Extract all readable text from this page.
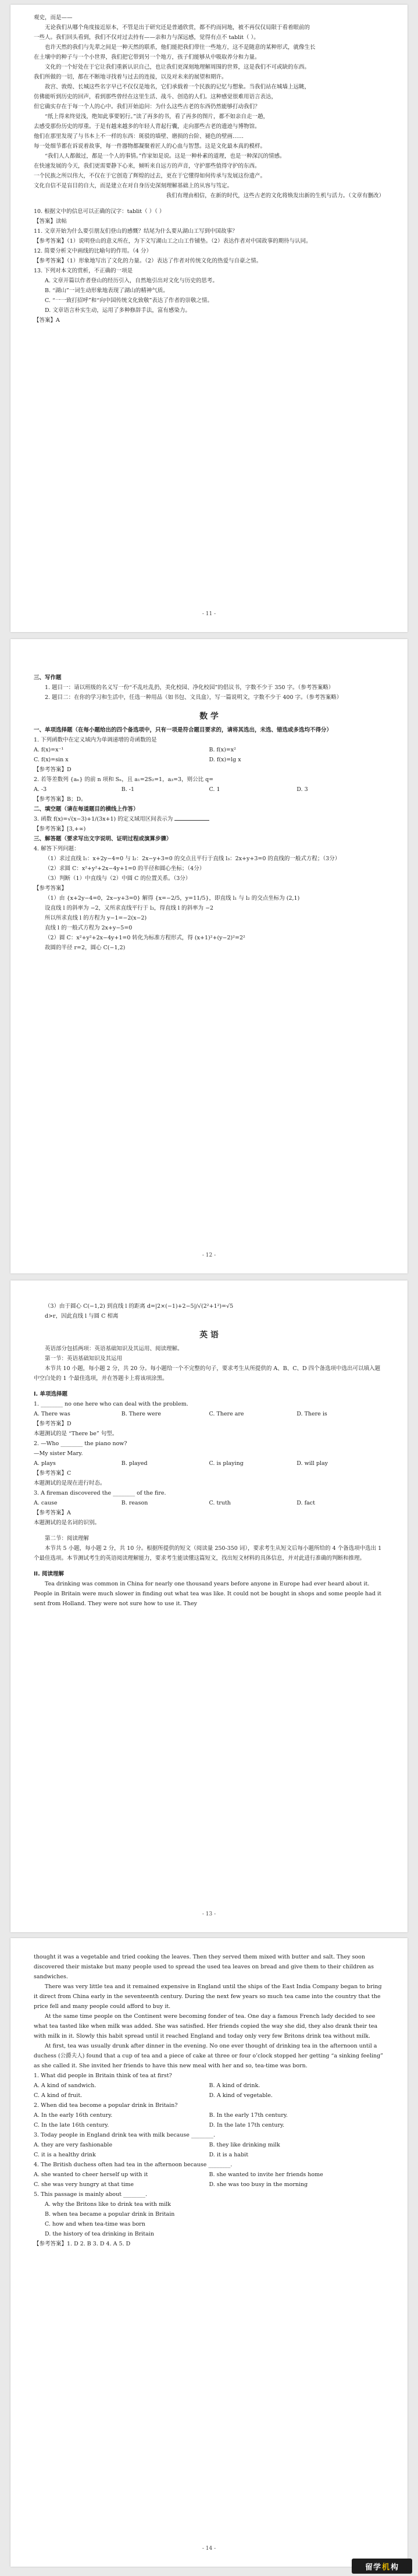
观史，而是——

无论我们从哪个角度接近原本，不管是出于研究还是普通欣赏，都不约而同地，被不再仅仅局限于看着眼前的

一些人。我们回头看到，我们不仅对过去持有——亲和力与深远感，觉得有点不 tablit（ ）。

也许天然的我们与先辈之间是一种天然的联系，他们能把我们带往一些地方，这不是随意的某种形式，就像生长

在土壤中的种子与一个小世界，我们把它带到另一个地方，孩子们能够从中吸取养分和力量。

文化的一个好处在于它让我们重新认识自己，也让我们更深刻地理解周围的世界，这是我们不可或缺的东西。

我们所做的一切，都在不断地寻找着与过去的连接，以及对未来的展望和期许。

故宫、敦煌、长城这些名字早已不仅仅是地名，它们承载着一个民族的记忆与想象。当我们站在城墙上远眺，

仿佛能听到历史的回声，看到那些曾经在这里生活、战斗、创造的人们。这种感觉很难用语言表达，

但它确实存在于每一个人的心中。我们开始追问：为什么这些古老的东西仍然能够打动我们？

“纸上得来终觉浅，绝知此事要躬行。”读了再多的书，看了再多的图片，都不如亲自走一趟，

去感受那份历史的厚重。于是有越来越多的年轻人背起行囊，走向那些古老的遗迹与博物馆。

他们在那里发现了与书本上不一样的东西：斑驳的墙壁、磨损的台阶、褪色的壁画……

每一处细节都在诉说着故事，每一件器物都凝聚着匠人的心血与智慧。这是文化最本真的模样。

“我们人人都做过，都是一个人的事情。”作家如是说。这是一种朴素的道理，也是一种深沉的情感。

在快速发展的今天，我们更需要静下心来，倾听来自远方的声音，守护那些值得守护的东西。

一个民族之所以伟大，不仅在于它创造了辉煌的过去，更在于它懂得如何传承与发展这份遗产。

文化自信不是盲目的自大，而是建立在对自身历史深刻理解基础上的从容与笃定。

我们有理由相信，在新的时代，这些古老的文化将焕发出新的生机与活力。（文章有删改）

10. 根据文中的信息可以正确的汉字：tablit（ ）（ ）

【答案】读帖

11. 文章开始为什么要引朋友们登山的感慨？结尾为什么要从湖山工写到中国故事？

【参考答案】（1）说明登山的意义所在，为下文写湖山工之山工作铺垫。（2）表达作者对中国故事的期待与认同。

12. 简要分析文中画线的比喻句的作用。（4 分）

【参考答案】（1）形象地写出了文化的力量。（2）表达了作者对传统文化的热爱与自豪之情。

13. 下列对本文的赏析，不正确的一项是

A. 文章开篇以作者登山的经历引入，自然地引出对文化与历史的思考。

B. “湖山”一词生动形象地表现了湖山的精神气质。

C. “一一致打招呼”和“向中国传统文化致敬”表达了作者的崇敬之情。

D. 文章语言朴实生动，运用了多种修辞手法，富有感染力。

【答案】A

- 11 -

三、写作题

1. 题目一：请以班级的名义写一份“不乱吐乱扔，美化校园、净化校园”的倡议书，字数不少于 350 字。（参考答案略）

2. 题目二：在你的学习和生活中，任选一种用品（如书包、文具盒），写一篇说明文，字数不少于 400 字。（参考答案略）

数 学

一、单项选择题（在每小题给出的四个备选项中，只有一项是符合题目要求的，请将其选出，未选、错选或多选均不得分）

1. 下列函数中在定义域内为单调递增的奇函数的是

A. f(x)=x⁻¹	B. f(x)=x²
C. f(x)=sin x	D. f(x)=lg x

【参考答案】D

2. 若等差数列 {aₙ} 的前 n 项和 Sₙ，且 a₁=2S₂=1，a₃=3，则公比 q=

A. -3	B. -1	C. 1	D. 3

【参考答案】B；D。

二、填空题（请在每道题目的横线上作答）

3. 函数 f(x)=√(x−3)+1/(3x+1) 的定义域用区间表示为

【参考答案】[3,+∞)

三、解答题（要求写出文字说明、证明过程或演算步骤）

4. 解答下列问题：

（1）求过直线 l₁：x+2y−4=0 与 l₂：2x−y+3=0 的交点且平行于直线 l₃：2x+y+3=0 的直线的一般式方程；（3分）

（2）求圆 C：x²+y²+2x−4y+1=0 的半径和圆心坐标；（4分）

（3）判断（1）中直线与（2）中圆 C 的位置关系。（3分）

【参考答案】

（1）由 {x+2y−4=0，2x−y+3=0} 解得 {x=−2/5，y=11/5}，即直线 l₁ 与 l₂ 的交点坐标为 (2,1)

设直线 l 的斜率为 −2，又所求直线平行于 l₃，得直线 l 的斜率为 −2

所以所求直线 l 的方程为 y−1=−2(x−2)

直线 l 的一般式方程为 2x+y−5=0

（2）圆 C：x²+y²+2x−4y+1=0 转化为标准方程形式，得 (x+1)²+(y−2)²=2²

故圆的半径 r=2，圆心 C(−1,2)

- 12 -

（3）由于圆心 C(−1,2) 到直线 l 的距离 d=|2×(−1)+2−5|/√(2²+1²)=√5

d>r，因此直线 l 与圆 C 相离

英 语

英语部分包括两项：英语基础知识及其运用、阅读理解。

第一节：英语基础知识及其运用

本节共 10 小题，每小题 2 分，共 20 分。每小题给一个不完整的句子，要求考生从所提供的 A、B、C、D 四个备选项中选出可以填入题中空白处的 1 个最佳选项，并在答题卡上将该项涂黑。

I. 单项选择题

1. ________ no one here who can deal with the problem.

A. There was	B. There were	C. There are	D. There is

【参考答案】D

本题测试的是 “There be” 句型。

2. —Who ________ the piano now?

—My sister Mary.

A. plays	B. played	C. is playing	D. will play

【参考答案】C

本题测试的是现在进行时态。

3. A fireman discovered the ________ of the fire.

A. cause	B. reason	C. truth	D. fact

【参考答案】A

本题测试的是名词的识别。

第二节：阅读理解

本节共 5 小题，每小题 2 分，共 10 分。根据所提供的短文（阅读量 250-350 词），要求考生从短文后每小题所给的 4 个备选项中选出 1 个最佳选项。本节测试考生的英语阅读理解能力，要求考生能读懂这篇短文，找出短文材料的具体信息，并对此进行准确的判断和推理。

II. 阅读理解

Tea drinking was common in China for nearly one thousand years before anyone in Europe had ever heard about it. People in Britain were much slower in finding out what tea was like. It could not be bought in shops and some people had it sent from Holland. They were not sure how to use it. They

- 13 -

thought it was a vegetable and tried cooking the leaves. Then they served them mixed with butter and salt. They soon discovered their mistake but many people used to spread the used tea leaves on bread and give them to their children as sandwiches.

There was very little tea and it remained expensive in England until the ships of the East India Company began to bring it direct from China early in the seventeenth century. During the next few years so much tea came into the country that the price fell and many people could afford to buy it.

At the same time people on the Continent were becoming fonder of tea. One day a famous French lady decided to see what tea tasted like when milk was added. She was satisfied. Her friends copied the way she did, they also drank their tea with milk in it. Slowly this habit spread until it reached England and today only very few Britons drink tea without milk.

At first, tea was usually drunk after dinner in the evening. No one ever thought of drinking tea in the afternoon until a duchess (公爵夫人) found that a cup of tea and a piece of cake at three or four o’clock stopped her getting “a sinking feeling” as she called it. She invited her friends to have this new meal with her and so, tea-time was born.

1. What did people in Britain think of tea at first?

A. A kind of sandwich.	B. A kind of drink.
C. A kind of fruit.	D. A kind of vegetable.

2. When did tea become a popular drink in Britain?

A. In the early 16th century.	B. In the early 17th century.
C. In the late 16th century.	D. In the late 17th century.

3. Today people in England drink tea with milk because ________.

A. they are very fashionable	B. they like drinking milk
C. it is a healthy drink	D. it is a habit

4. The British duchess often had tea in the afternoon because ________.

A. she wanted to cheer herself up with it	B. she wanted to invite her friends home
C. she was very hungry at that time	D. she was too busy in the morning

5. This passage is mainly about ________.

A. why the Britons like to drink tea with milk

B. when tea became a popular drink in Britain

C. how and when tea-time was born

D. the history of tea drinking in Britain

【参考答案】1. D 2. B 3. D 4. A 5. D

- 14 -
留学 机 构
